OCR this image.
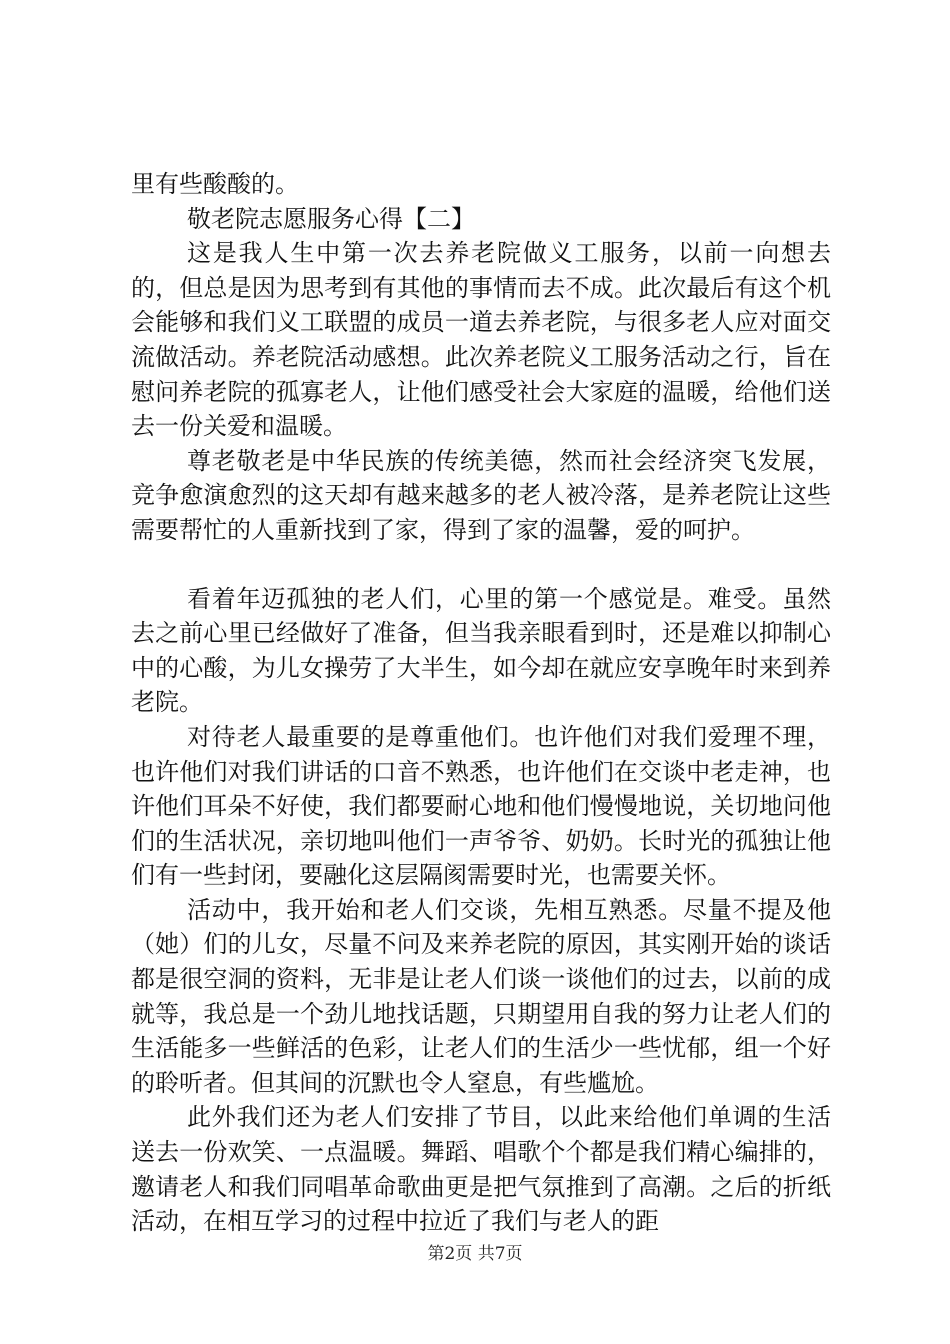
里有些酸酸的。

敬老院志愿服务心得【二】

这是我人生中第一次去养老院做义工服务，以前一向想去的，但总是因为思考到有其他的事情而去不成。此次最后有这个机会能够和我们义工联盟的成员一道去养老院，与很多老人应对面交流做活动。养老院活动感想。此次养老院义工服务活动之行，旨在慰问养老院的孤寡老人，让他们感受社会大家庭的温暖，给他们送去一份关爱和温暖。

尊老敬老是中华民族的传统美德，然而社会经济突飞发展，竞争愈演愈烈的这天却有越来越多的老人被冷落，是养老院让这些需要帮忙的人重新找到了家，得到了家的温馨，爱的呵护。

看着年迈孤独的老人们，心里的第一个感觉是。难受。虽然去之前心里已经做好了准备，但当我亲眼看到时，还是难以抑制心中的心酸，为儿女操劳了大半生，如今却在就应安享晚年时来到养老院。

对待老人最重要的是尊重他们。也许他们对我们爱理不理，也许他们对我们讲话的口音不熟悉，也许他们在交谈中老走神，也许他们耳朵不好使，我们都要耐心地和他们慢慢地说，关切地问他们的生活状况，亲切地叫他们一声爷爷、奶奶。长时光的孤独让他们有一些封闭，要融化这层隔阂需要时光，也需要关怀。

活动中，我开始和老人们交谈，先相互熟悉。尽量不提及他（她）们的儿女，尽量不问及来养老院的原因，其实刚开始的谈话都是很空洞的资料，无非是让老人们谈一谈他们的过去，以前的成就等，我总是一个劲儿地找话题，只期望用自我的努力让老人们的生活能多一些鲜活的色彩，让老人们的生活少一些忧郁，组一个好的聆听者。但其间的沉默也令人窒息，有些尴尬。

此外我们还为老人们安排了节目，以此来给他们单调的生活送去一份欢笑、一点温暖。舞蹈、唱歌个个都是我们精心编排的，邀请老人和我们同唱革命歌曲更是把气氛推到了高潮。之后的折纸活动，在相互学习的过程中拉近了我们与老人的距

第2页 共7页
